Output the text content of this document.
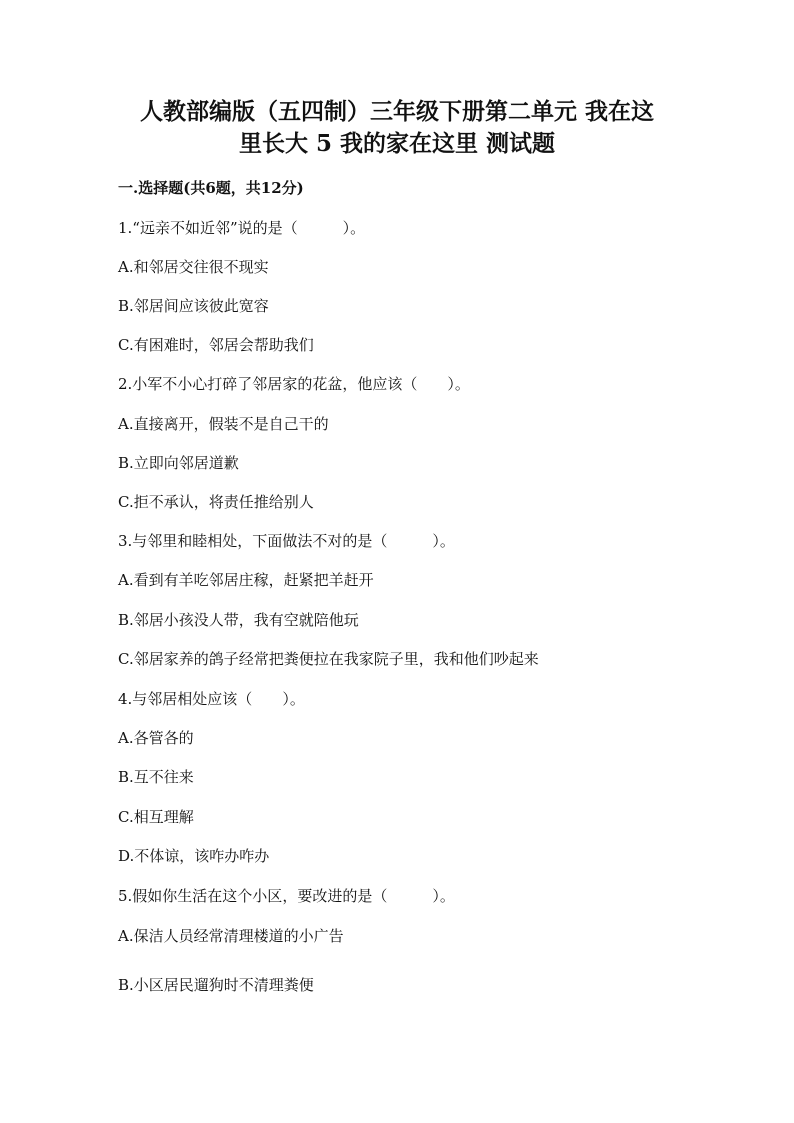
人教部编版（五四制）三年级下册第二单元 我在这
里长大 5 我的家在这里 测试题

一.选择题(共6题，共12分)

1.“远亲不如近邻”说的是（　　　）。

A.和邻居交往很不现实

B.邻居间应该彼此宽容

C.有困难时，邻居会帮助我们

2.小军不小心打碎了邻居家的花盆，他应该（　　）。

A.直接离开，假装不是自己干的

B.立即向邻居道歉

C.拒不承认，将责任推给别人

3.与邻里和睦相处，下面做法不对的是（　　　）。

A.看到有羊吃邻居庄稼，赶紧把羊赶开

B.邻居小孩没人带，我有空就陪他玩

C.邻居家养的鸽子经常把粪便拉在我家院子里，我和他们吵起来

4.与邻居相处应该（　　）。

A.各管各的

B.互不往来

C.相互理解

D.不体谅，该咋办咋办

5.假如你生活在这个小区，要改进的是（　　　）。

A.保洁人员经常清理楼道的小广告

B.小区居民遛狗时不清理粪便
